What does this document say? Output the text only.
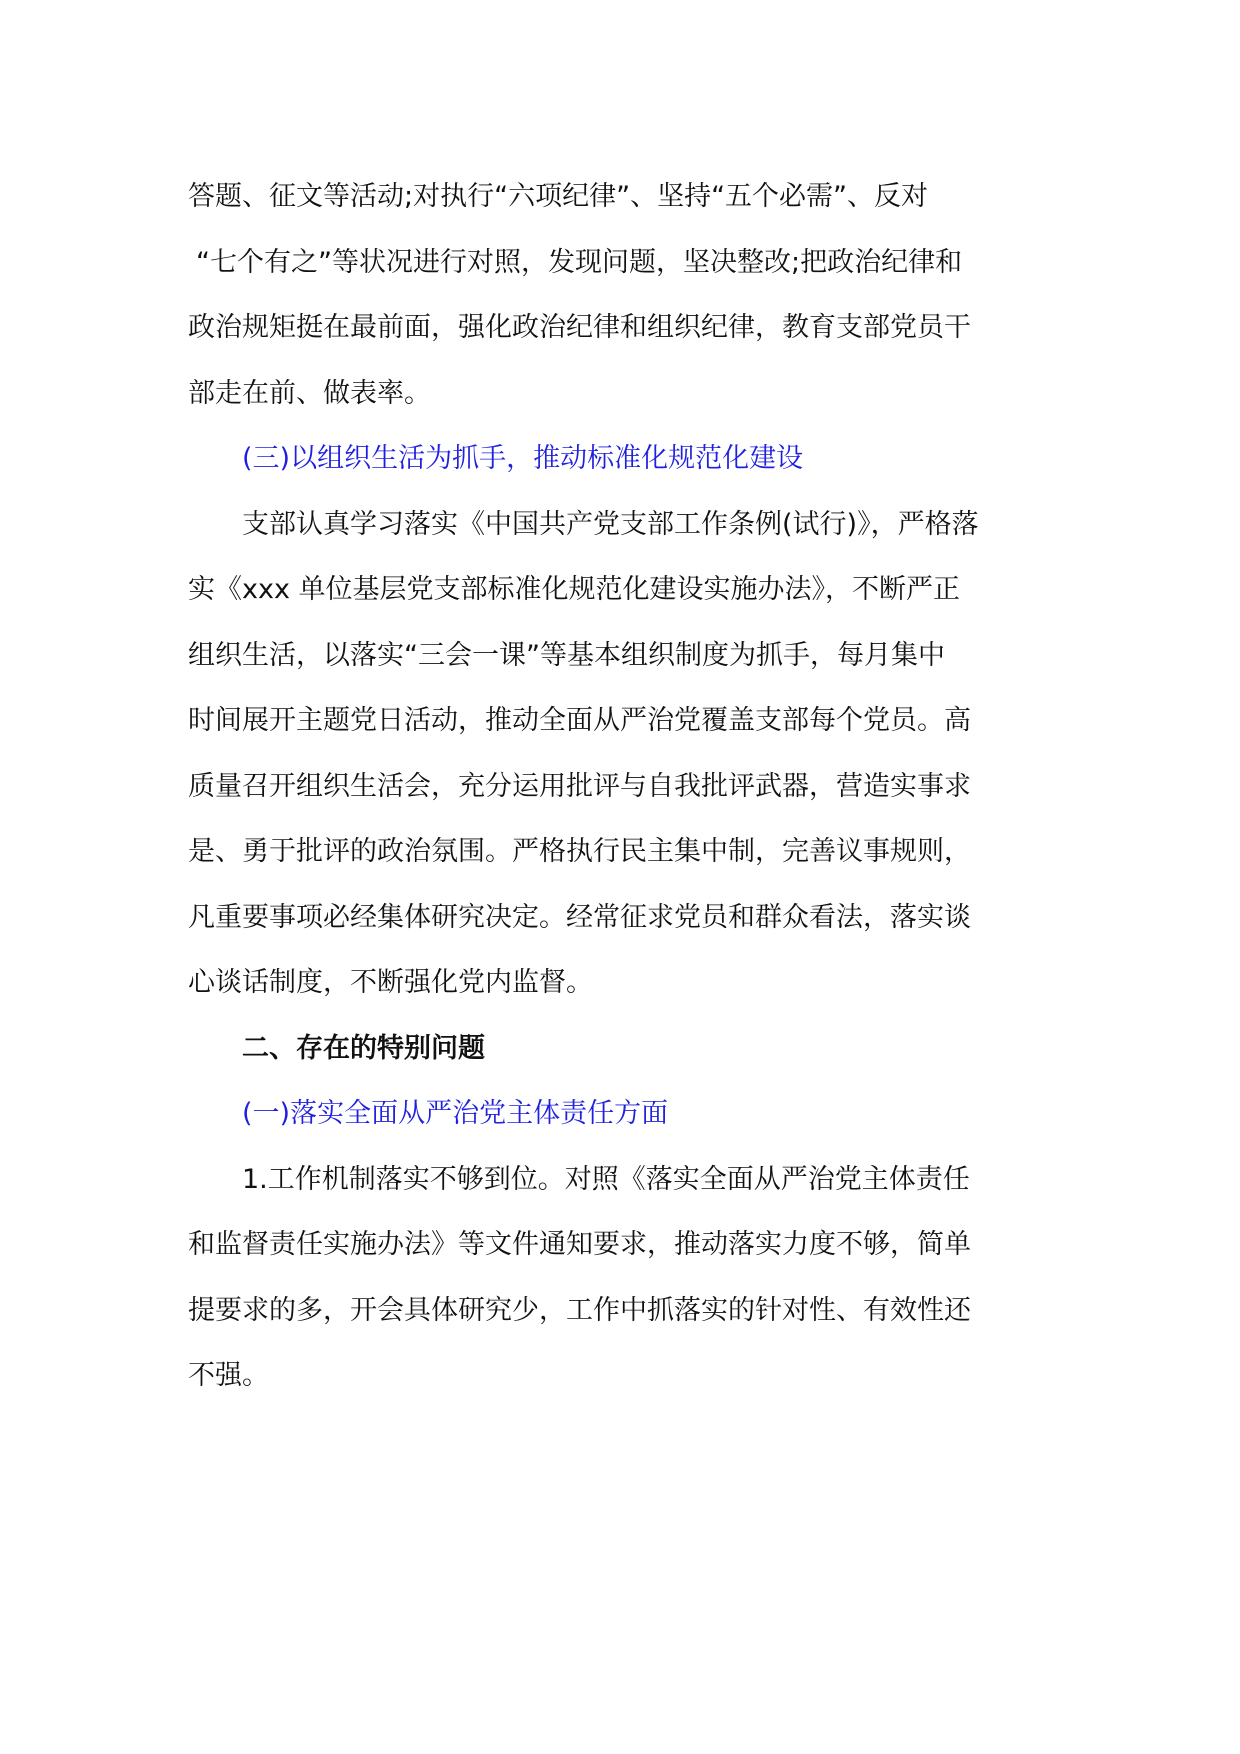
答题、征文等活动;对执行“六项纪律”、坚持“五个必需”、反对
“七个有之”等状况进行对照，发现问题，坚决整改;把政治纪律和
政治规矩挺在最前面，强化政治纪律和组织纪律，教育支部党员干
部走在前、做表率。
(三)以组织生活为抓手，推动标准化规范化建设
支部认真学习落实《中国共产党支部工作条例(试行)》，严格落
实《xxx 单位基层党支部标准化规范化建设实施办法》，不断严正
组织生活，以落实“三会一课”等基本组织制度为抓手，每月集中
时间展开主题党日活动，推动全面从严治党覆盖支部每个党员。高
质量召开组织生活会，充分运用批评与自我批评武器，营造实事求
是、勇于批评的政治氛围。严格执行民主集中制，完善议事规则，
凡重要事项必经集体研究决定。经常征求党员和群众看法，落实谈
心谈话制度，不断强化党内监督。
二、存在的特别问题
(一)落实全面从严治党主体责任方面
1.工作机制落实不够到位。对照《落实全面从严治党主体责任
和监督责任实施办法》等文件通知要求，推动落实力度不够，简单
提要求的多，开会具体研究少，工作中抓落实的针对性、有效性还
不强。
